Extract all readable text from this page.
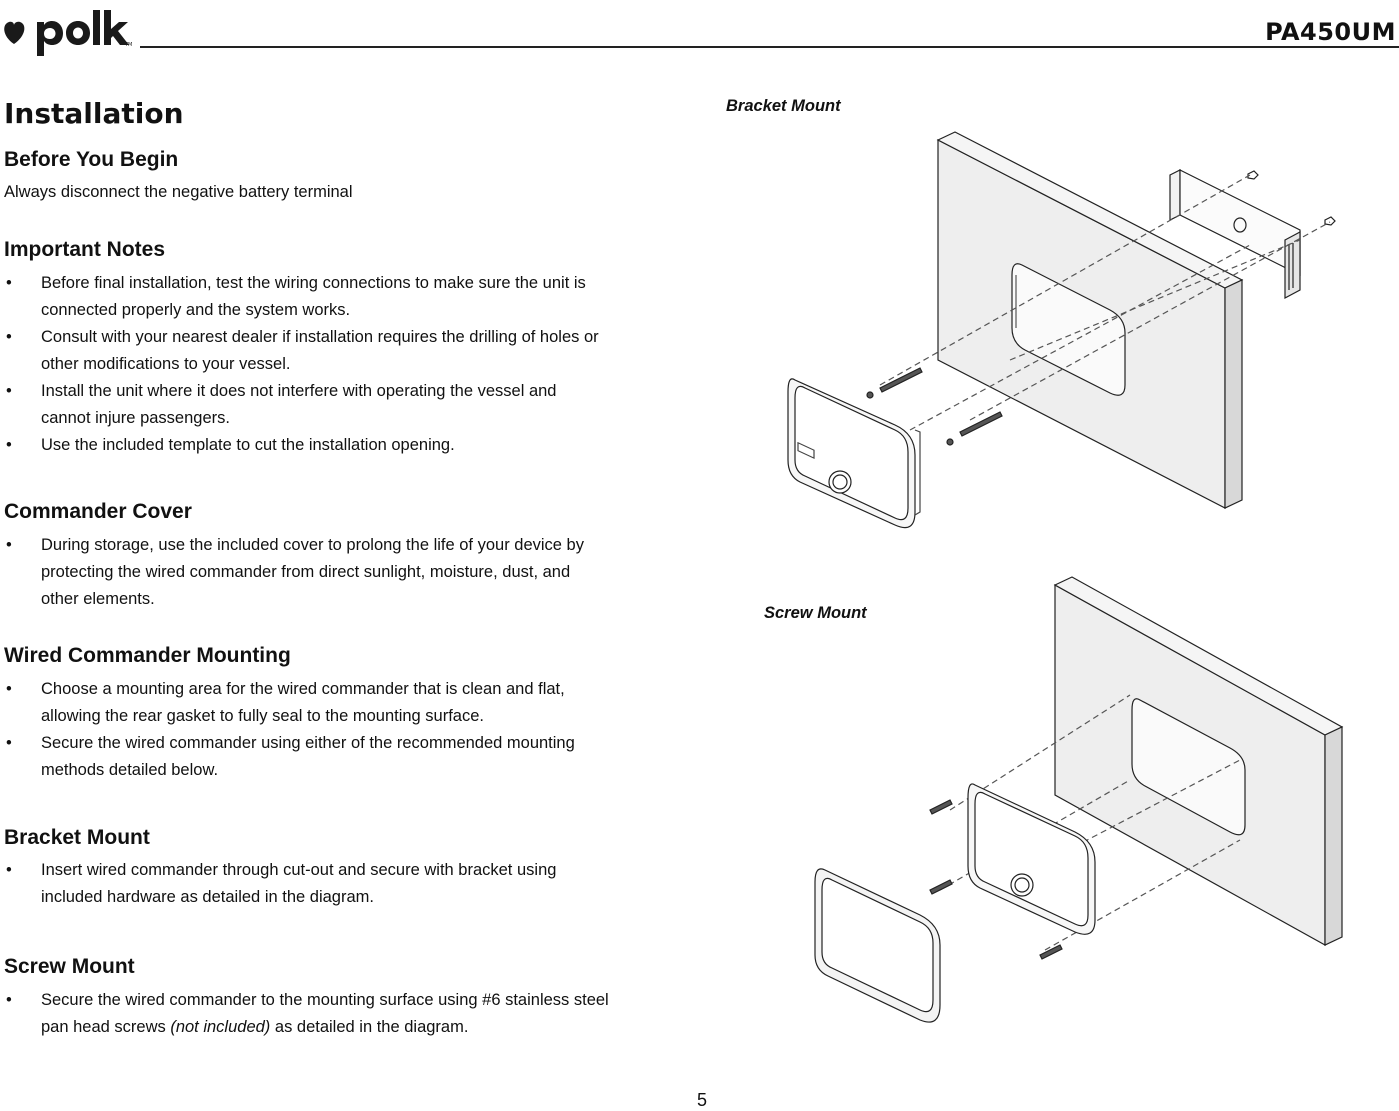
TM	PA450UM
Installation
Before You Begin

Always disconnect the negative battery terminal

Important Notes
• Before final installation, test the wiring connections to make sure the unit is
connected properly and the system works.
• Consult with your nearest dealer if installation requires the drilling of holes or
other modifications to your vessel.
• Install the unit where it does not interfere with operating the vessel and
cannot injure passengers.
• Use the included template to cut the installation opening.
Commander Cover
• During storage, use the included cover to prolong the life of your device by
protecting the wired commander from direct sunlight, moisture, dust, and
other elements.
Wired Commander Mounting
• Choose a mounting area for the wired commander that is clean and flat,
allowing the rear gasket to fully seal to the mounting surface.
• Secure the wired commander using either of the recommended mounting
methods detailed below.
Bracket Mount
• Insert wired commander through cut-out and secure with bracket using
included hardware as detailed in the diagram.
Screw Mount
• Secure the wired commander to the mounting surface using #6 stainless steel
pan head screws (not included) as detailed in the diagram.
Bracket Mount
Screw Mount
5
